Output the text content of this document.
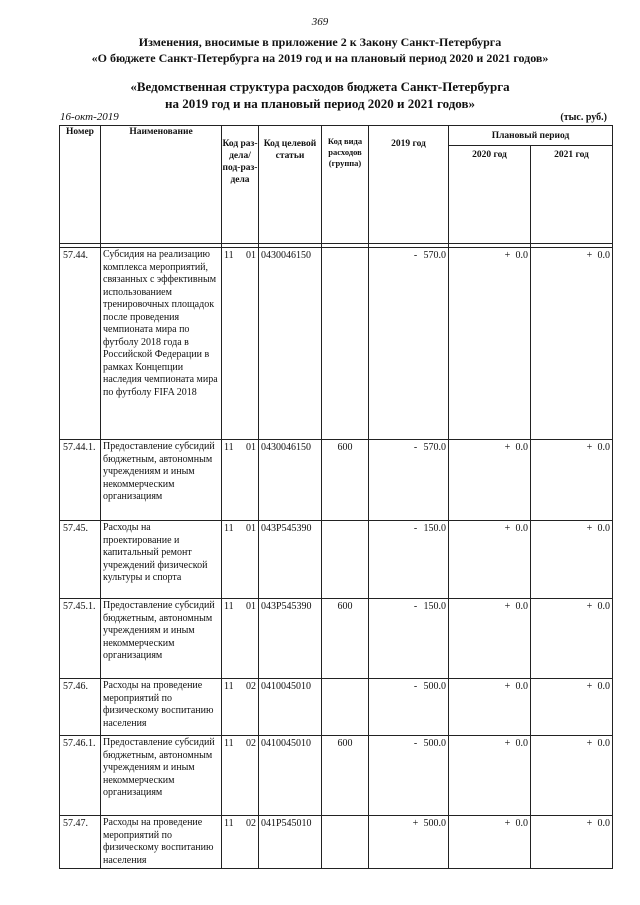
369
Изменения, вносимые в приложение 2 к Закону Санкт-Петербурга
«О бюджете Санкт-Петербурга на 2019 год и на плановый период 2020 и 2021 годов»
«Ведомственная структура расходов бюджета Санкт-Петербурга
на 2019 год и на плановый период 2020 и 2021 годов»
16-окт-2019	(тыс. руб.)
Номер	Наименование	Код раз-дела/ под-раз-дела	Код целевой статьи	Код вида расходов (группа)	2019 год	Плановый период	
						2020 год	2021 год

57.44.	Субсидия на реализацию комплекса мероприятий, связанных с эффективным использованием тренировочных площадок после проведения чемпионата мира по футболу 2018 года в Российской Федерации в рамках Концепции наследия чемпионата мира по футболу FIFA 2018	11 01	0430046150		- 570.0	+ 0.0	+ 0.0
57.44.1.	Предоставление субсидий бюджетным, автономным учреждениям и иным некоммерческим организациям	11 01	0430046150	600	- 570.0	+ 0.0	+ 0.0
57.45.	Расходы на проектирование и капитальный ремонт учреждений физической культуры и спорта	11 01	043P545390		- 150.0	+ 0.0	+ 0.0
57.45.1.	Предоставление субсидий бюджетным, автономным учреждениям и иным некоммерческим организациям	11 01	043P545390	600	- 150.0	+ 0.0	+ 0.0
57.46.	Расходы на проведение мероприятий по физическому воспитанию населения	11 02	0410045010		- 500.0	+ 0.0	+ 0.0
57.46.1.	Предоставление субсидий бюджетным, автономным учреждениям и иным некоммерческим организациям	11 02	0410045010	600	- 500.0	+ 0.0	+ 0.0
57.47.	Расходы на проведение мероприятий по физическому воспитанию населения	11 02	041P545010		+ 500.0	+ 0.0	+ 0.0
